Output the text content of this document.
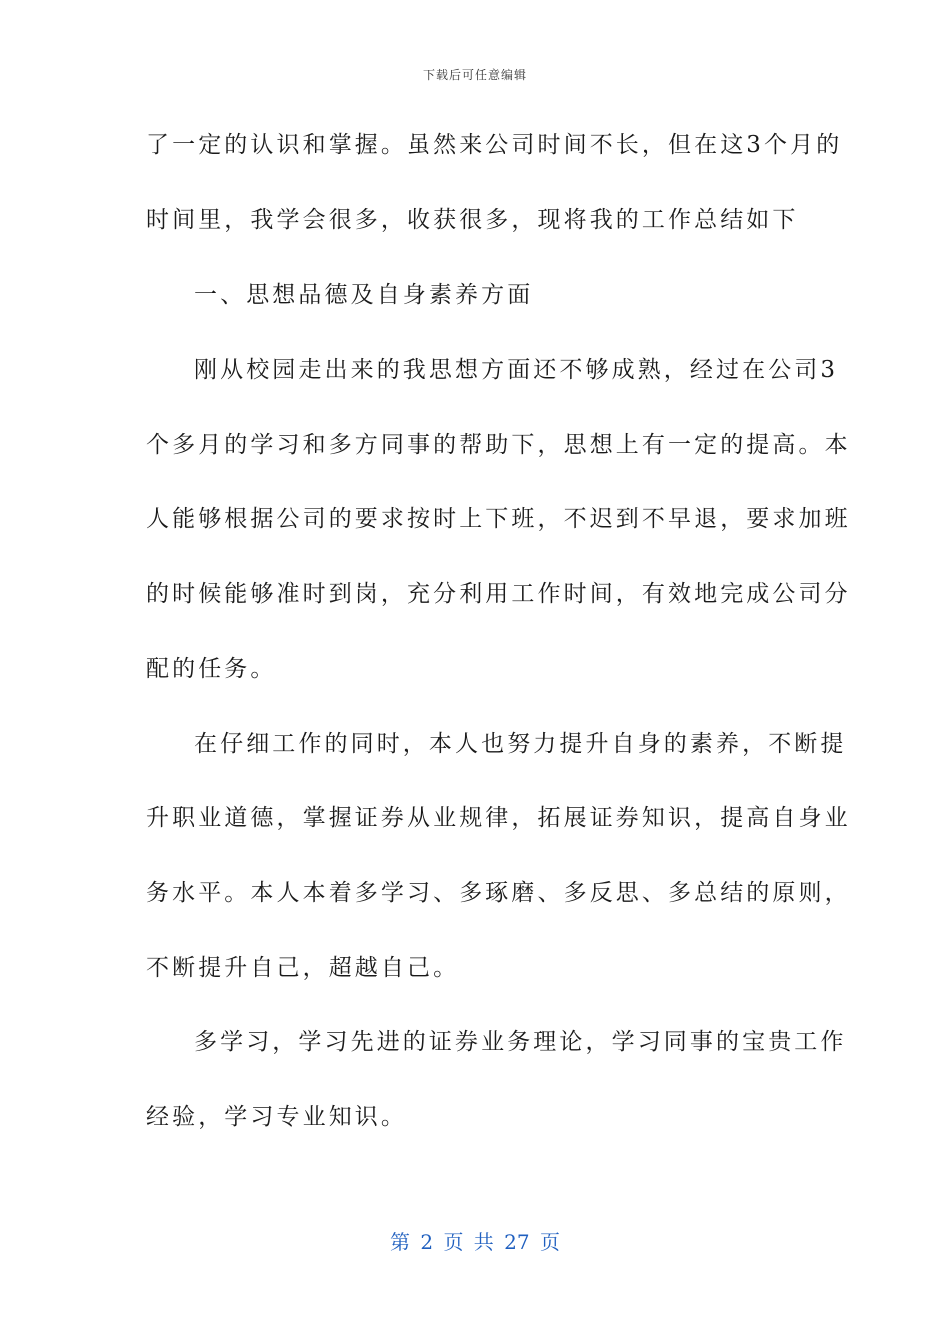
下载后可任意编辑
了一定的认识和掌握。虽然来公司时间不长，但在这3个月的
时间里，我学会很多，收获很多，现将我的工作总结如下
一、思想品德及自身素养方面
刚从校园走出来的我思想方面还不够成熟，经过在公司3
个多月的学习和多方同事的帮助下，思想上有一定的提高。本
人能够根据公司的要求按时上下班，不迟到不早退，要求加班
的时候能够准时到岗，充分利用工作时间，有效地完成公司分
配的任务。
在仔细工作的同时，本人也努力提升自身的素养，不断提
升职业道德，掌握证券从业规律，拓展证券知识，提高自身业
务水平。本人本着多学习、多琢磨、多反思、多总结的原则，
不断提升自己，超越自己。
多学习，学习先进的证券业务理论，学习同事的宝贵工作
经验，学习专业知识。
第 2 页 共 27 页
